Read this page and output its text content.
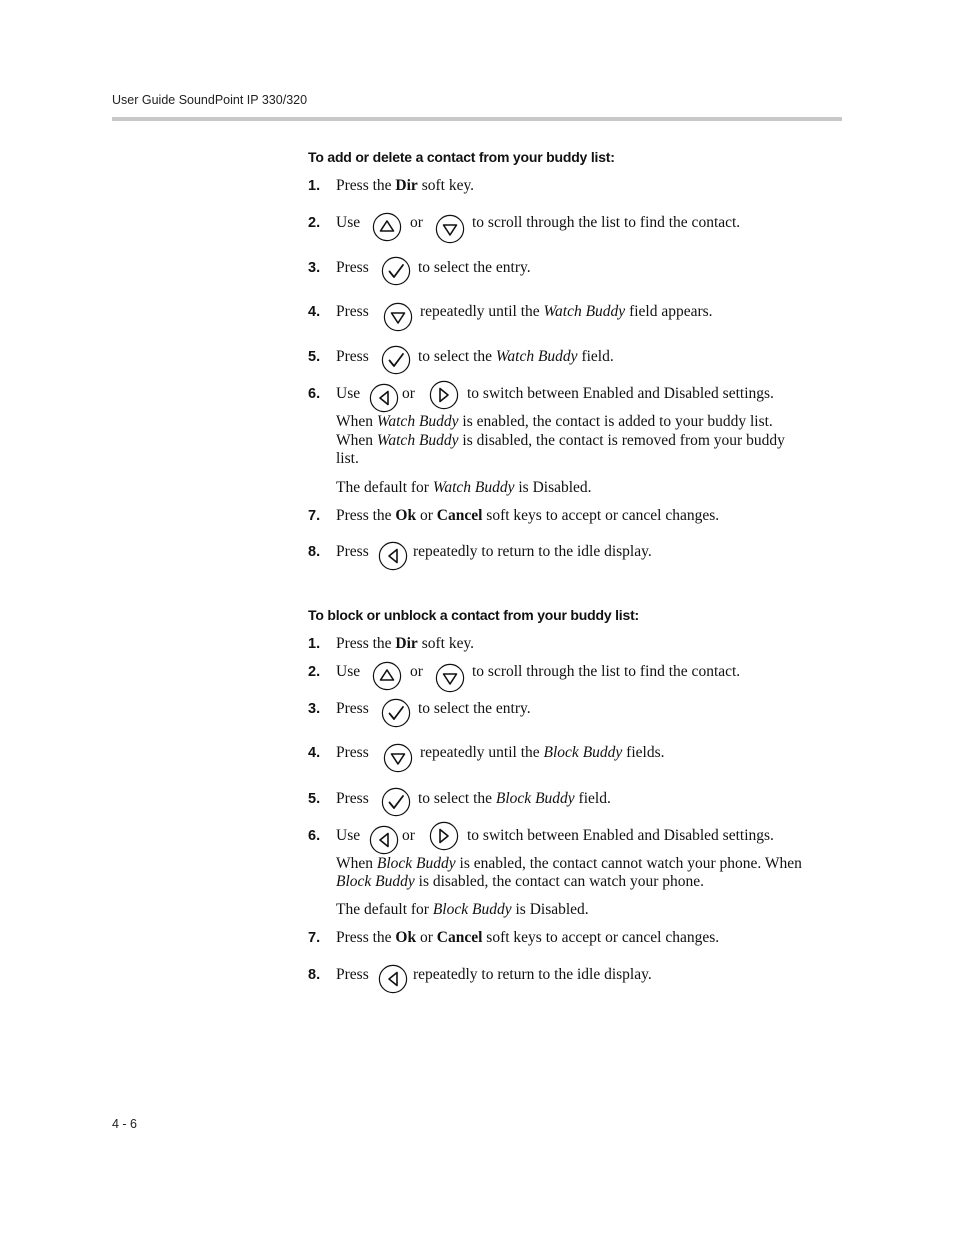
User Guide SoundPoint IP 330/320
To add or delete a contact from your buddy list:
1. Press the Dir soft key.
2. Use	or	to scroll through the list to find the contact.
3. Press	to select the entry.
4. Press	repeatedly until the Watch Buddy field appears.
5. Press	to select the Watch Buddy field.
6. Use	or	to switch between Enabled and Disabled settings.
When Watch Buddy is enabled, the contact is added to your buddy list.
When Watch Buddy is disabled, the contact is removed from your buddy
list.
The default for Watch Buddy is Disabled.
7. Press the Ok or Cancel soft keys to accept or cancel changes.
8. Press	repeatedly to return to the idle display.
To block or unblock a contact from your buddy list:
1. Press the Dir soft key.
2. Use	or	to scroll through the list to find the contact.
3. Press	to select the entry.
4. Press	repeatedly until the Block Buddy fields.
5. Press	to select the Block Buddy field.
6. Use	or	to switch between Enabled and Disabled settings.
When Block Buddy is enabled, the contact cannot watch your phone. When
Block Buddy is disabled, the contact can watch your phone.
The default for Block Buddy is Disabled.
7. Press the Ok or Cancel soft keys to accept or cancel changes.
8. Press	repeatedly to return to the idle display.
4 - 6
